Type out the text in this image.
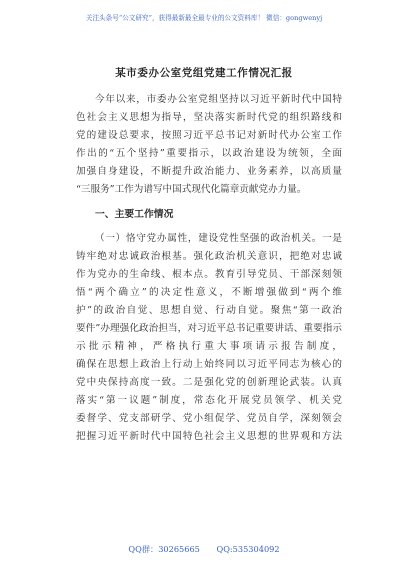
关注头条号“公文研究”，获得最新最全最专业的公文资料库！ 微信：gongwenyj
某市委办公室党组党建工作情况汇报
今年以来，市委办公室党组坚持以习近平新时代中国特
色社会主义思想为指导，坚决落实新时代党的组织路线和
党的建设总要求，按照习近平总书记对新时代办公室工作
作出的“五个坚持”重要指示，以政治建设为统领，全面
加强自身建设，不断提升政治能力、业务素养，以高质量
“三服务”工作为谱写中国式现代化篇章贡献党办力量。
一、主要工作情况
（一）恪守党办属性，建设党性坚强的政治机关。一是
铸牢绝对忠诚政治根基。强化政治机关意识，把绝对忠诚
作为党办的生命线、根本点。教育引导党员、干部深刻领
悟“两个确立”的决定性意义，不断增强做到“两个维
护”的政治自觉、思想自觉、行动自觉。聚焦“第一政治
要件”办理强化政治担当，对习近平总书记重要讲话、重要指示
示批示精神，严格执行重大事项请示报告制度，
确保在思想上政治上行动上始终同以习近平同志为核心的
党中央保持高度一致。二是强化党的创新理论武装。认真
落实“第一议题”制度，常态化开展党员领学、机关党
委督学、党支部研学、党小组促学、党员自学，深刻领会
把握习近平新时代中国特色社会主义思想的世界观和方法
QQ群：30265665 QQ:535304092
